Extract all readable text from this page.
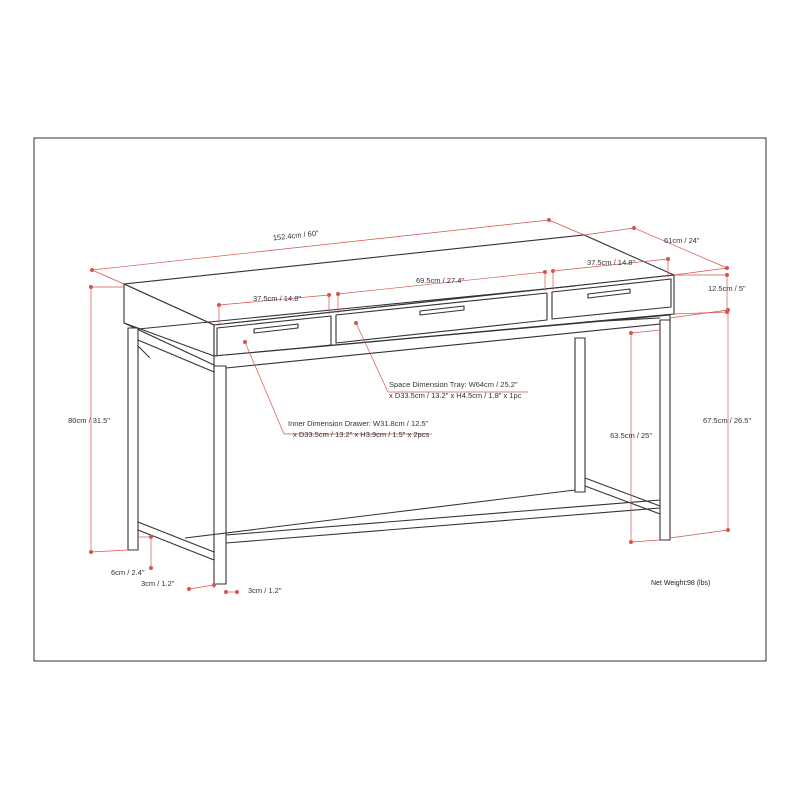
152.4cm / 60"	61cm / 24"
12.5cm / 5"
37.5cm / 14.8"
69.5cm / 27.4"
37.5cm / 14.8"
80cm / 31.5"
63.5cm / 25"
67.5cm / 26.5"
6cm / 2.4"
3cm / 1.2"
3cm / 1.2"
Space Dimension Tray: W64cm / 25.2"
x D33.5cm / 13.2" x H4.5cm / 1.8" x 1pc
Inner Dimension Drawer: W31.8cm / 12.5"
x D33.5cm / 13.2" x H3.9cm / 1.5" x 2pcs
Net Weight: 98 (lbs)
